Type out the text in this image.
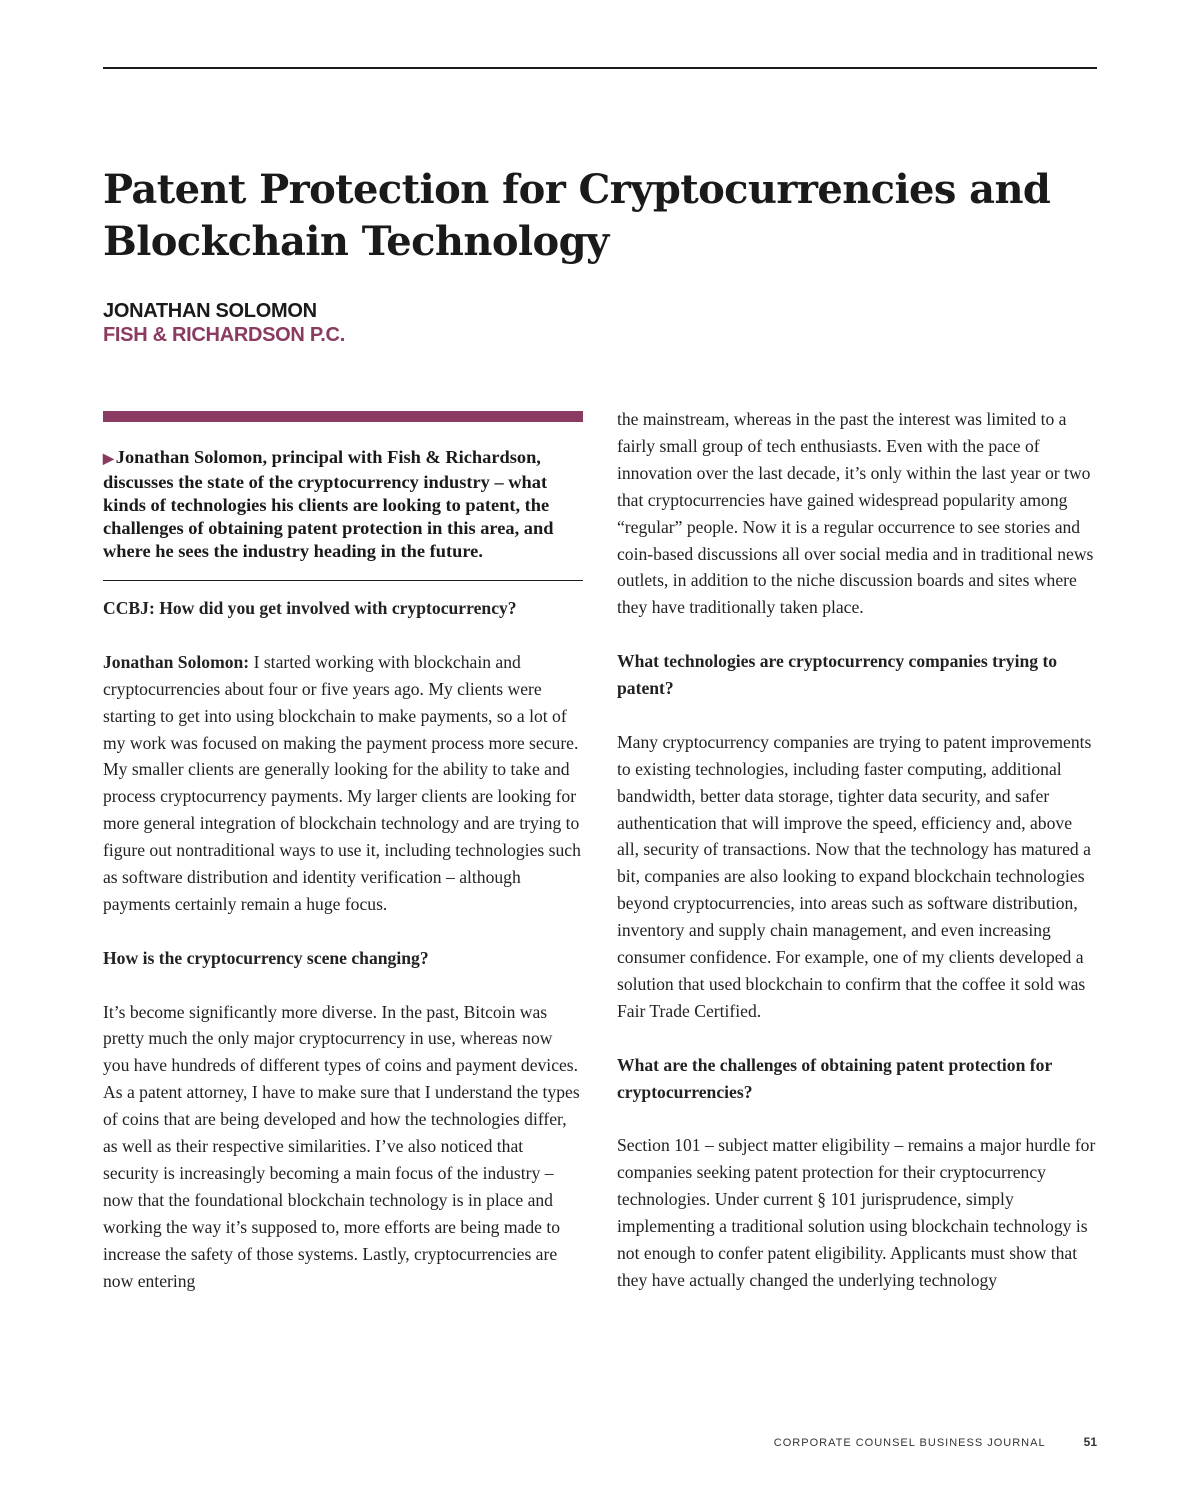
Patent Protection for Cryptocurrencies and Blockchain Technology
JONATHAN SOLOMON
FISH & RICHARDSON P.C.

▶ Jonathan Solomon, principal with Fish & Richardson, discusses the state of the cryptocurrency industry – what kinds of technologies his clients are looking to patent, the challenges of obtaining patent protection in this area, and where he sees the industry heading in the future.

CCBJ: How did you get involved with cryptocurrency?

Jonathan Solomon: I started working with blockchain and cryptocurrencies about four or five years ago. My clients were starting to get into using blockchain to make payments, so a lot of my work was focused on making the payment process more secure. My smaller clients are generally looking for the ability to take and process cryptocurrency payments. My larger clients are looking for more general integration of blockchain technology and are trying to figure out nontraditional ways to use it, including technologies such as software distribution and identity verification – although payments certainly remain a huge focus.

How is the cryptocurrency scene changing?

It’s become significantly more diverse. In the past, Bitcoin was pretty much the only major cryptocurrency in use, whereas now you have hundreds of different types of coins and payment devices. As a patent attorney, I have to make sure that I understand the types of coins that are being developed and how the technologies differ, as well as their respective similarities. I’ve also noticed that security is increasingly becoming a main focus of the industry – now that the foundational blockchain technology is in place and working the way it’s supposed to, more efforts are being made to increase the safety of those systems. Lastly, cryptocurrencies are now entering

the mainstream, whereas in the past the interest was limited to a fairly small group of tech enthusiasts. Even with the pace of innovation over the last decade, it’s only within the last year or two that cryptocurrencies have gained widespread popularity among “regular” people. Now it is a regular occurrence to see stories and coin-based discussions all over social media and in traditional news outlets, in addition to the niche discussion boards and sites where they have traditionally taken place.

What technologies are cryptocurrency companies trying to patent?

Many cryptocurrency companies are trying to patent improvements to existing technologies, including faster computing, additional bandwidth, better data storage, tighter data security, and safer authentication that will improve the speed, efficiency and, above all, security of transactions. Now that the technology has matured a bit, companies are also looking to expand blockchain technologies beyond cryptocurrencies, into areas such as software distribution, inventory and supply chain management, and even increasing consumer confidence. For example, one of my clients developed a solution that used blockchain to confirm that the coffee it sold was Fair Trade Certified.

What are the challenges of obtaining patent protection for cryptocurrencies?

Section 101 – subject matter eligibility – remains a major hurdle for companies seeking patent protection for their cryptocurrency technologies. Under current § 101 jurisprudence, simply implementing a traditional solution using blockchain technology is not enough to confer patent eligibility. Applicants must show that they have actually changed the underlying technology

CORPORATE COUNSEL BUSINESS JOURNAL	51
